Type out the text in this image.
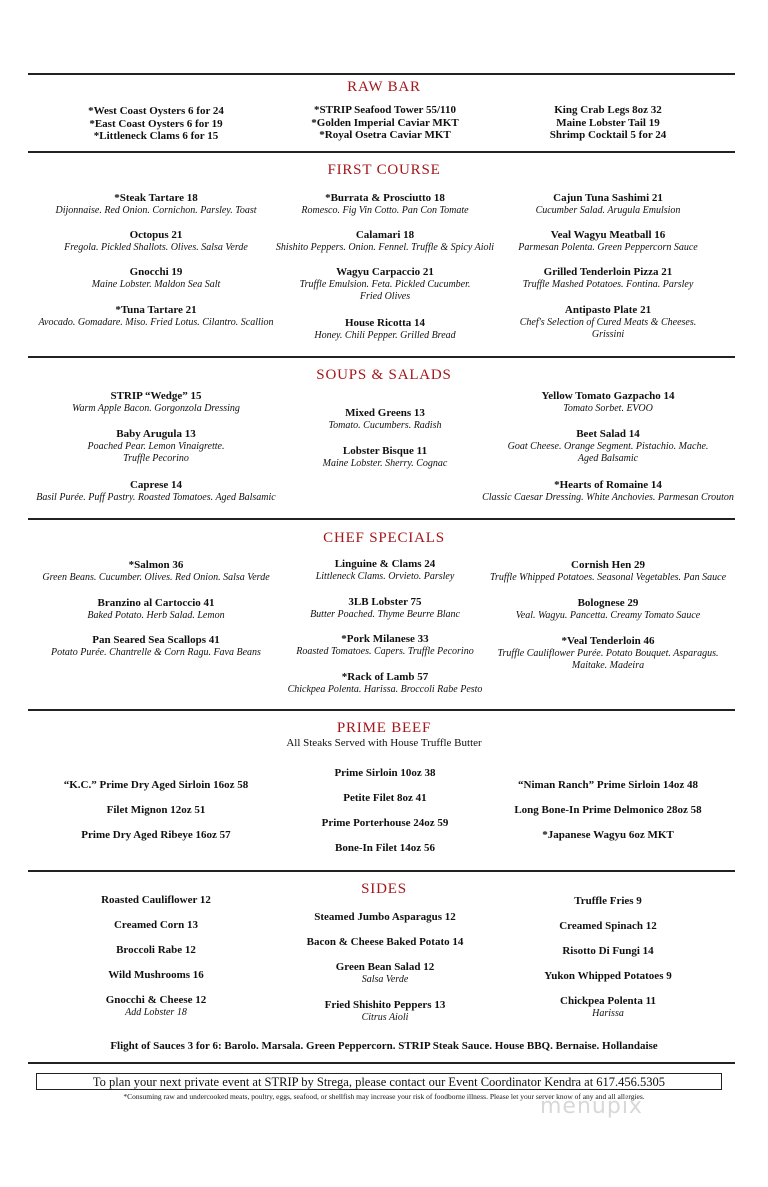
RAW BAR
*West Coast Oysters 6 for 24
*East Coast Oysters 6 for 19
*Littleneck Clams 6 for 15
*STRIP Seafood Tower 55/110
*Golden Imperial Caviar MKT
*Royal Osetra Caviar MKT
King Crab Legs 8oz 32
Maine Lobster Tail 19
Shrimp Cocktail 5 for 24
FIRST COURSE
*Steak Tartare 18
Dijonnaise. Red Onion. Cornichon. Parsley. Toast
Octopus 21
Fregola. Pickled Shallots. Olives. Salsa Verde
Gnocchi 19
Maine Lobster. Maldon Sea Salt
*Tuna Tartare 21
Avocado. Gomadare. Miso. Fried Lotus. Cilantro. Scallion
*Burrata & Prosciutto 18
Romesco. Fig Vin Cotto. Pan Con Tomate
Calamari 18
Shishito Peppers. Onion. Fennel. Truffle & Spicy Aioli
Wagyu Carpaccio 21
Truffle Emulsion. Feta. Pickled Cucumber.
Fried Olives
House Ricotta 14
Honey. Chili Pepper. Grilled Bread
Cajun Tuna Sashimi 21
Cucumber Salad. Arugula Emulsion
Veal Wagyu Meatball 16
Parmesan Polenta. Green Peppercorn Sauce
Grilled Tenderloin Pizza 21
Truffle Mashed Potatoes. Fontina. Parsley
Antipasto Plate 21
Chef's Selection of Cured Meats & Cheeses.
Grissini
SOUPS & SALADS
STRIP “Wedge” 15
Warm Apple Bacon. Gorgonzola Dressing
Baby Arugula 13
Poached Pear. Lemon Vinaigrette.
Truffle Pecorino
Caprese 14
Basil Purée. Puff Pastry. Roasted Tomatoes. Aged Balsamic
Mixed Greens 13
Tomato. Cucumbers. Radish
Lobster Bisque 11
Maine Lobster. Sherry. Cognac
Yellow Tomato Gazpacho 14
Tomato Sorbet. EVOO
Beet Salad 14
Goat Cheese. Orange Segment. Pistachio. Mache.
Aged Balsamic
*Hearts of Romaine 14
Classic Caesar Dressing. White Anchovies. Parmesan Crouton
CHEF SPECIALS
*Salmon 36
Green Beans. Cucumber. Olives. Red Onion. Salsa Verde
Branzino al Cartoccio 41
Baked Potato. Herb Salad. Lemon
Pan Seared Sea Scallops 41
Potato Purée. Chantrelle & Corn Ragu. Fava Beans
Linguine & Clams 24
Littleneck Clams. Orvieto. Parsley
3LB Lobster 75
Butter Poached. Thyme Beurre Blanc
*Pork Milanese 33
Roasted Tomatoes. Capers. Truffle Pecorino
*Rack of Lamb 57
Chickpea Polenta. Harissa. Broccoli Rabe Pesto
Cornish Hen 29
Truffle Whipped Potatoes. Seasonal Vegetables. Pan Sauce
Bolognese 29
Veal. Wagyu. Pancetta. Creamy Tomato Sauce
*Veal Tenderloin 46
Truffle Cauliflower Purée. Potato Bouquet. Asparagus.
Maitake. Madeira
PRIME BEEF
All Steaks Served with House Truffle Butter
“K.C.” Prime Dry Aged Sirloin 16oz 58
Filet Mignon 12oz 51
Prime Dry Aged Ribeye 16oz 57
Prime Sirloin 10oz 38
Petite Filet 8oz 41
Prime Porterhouse 24oz 59
Bone-In Filet 14oz 56
“Niman Ranch” Prime Sirloin 14oz 48
Long Bone-In Prime Delmonico 28oz 58
*Japanese Wagyu 6oz MKT
SIDES
Roasted Cauliflower 12
Creamed Corn 13
Broccoli Rabe 12
Wild Mushrooms 16
Gnocchi & Cheese 12
Add Lobster 18
Steamed Jumbo Asparagus 12
Bacon & Cheese Baked Potato 14
Green Bean Salad 12
Salsa Verde
Fried Shishito Peppers 13
Citrus Aioli
Truffle Fries 9
Creamed Spinach 12
Risotto Di Fungi 14
Yukon Whipped Potatoes 9
Chickpea Polenta 11
Harissa
Flight of Sauces 3 for 6: Barolo. Marsala. Green Peppercorn. STRIP Steak Sauce. House BBQ. Bernaise. Hollandaise
To plan your next private event at STRIP by Strega, please contact our Event Coordinator Kendra at 617.456.5305
*Consuming raw and undercooked meats, poultry, eggs, seafood, or shellfish may increase your risk of foodborne illness. Please let your server know of any and all allergies.
menupix
